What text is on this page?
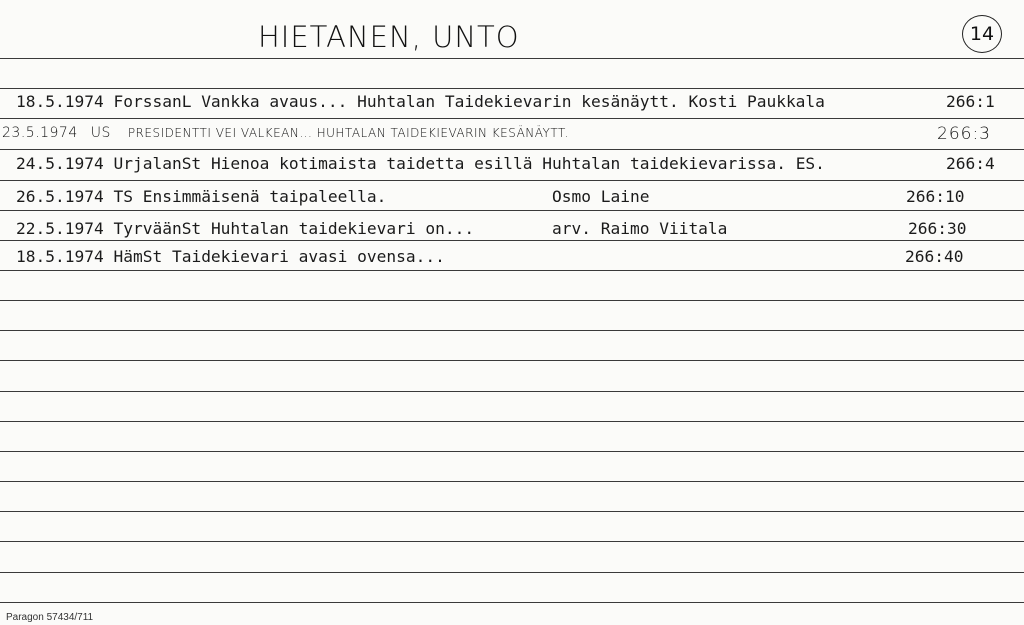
HIETANEN, UNTO	14
18.5.1974 ForssanL Vankka avaus... Huhtalan Taidekievarin kesänäytt. Kosti Paukkala	266:1
23.5.1974 US PRESIDENTTI VEI VALKEAN... HUHTALAN TAIDEKIEVARIN KESÄNÄYTT.	266:3
24.5.1974 UrjalanSt Hienoa kotimaista taidetta esillä Huhtalan taidekievarissa. ES.	266:4
26.5.1974 TS Ensimmäisenä taipaleella.	Osmo Laine	266:10
22.5.1974 TyrväänSt Huhtalan taidekievari on...	arv. Raimo Viitala	266:30
18.5.1974 HämSt Taidekievari avasi ovensa...	266:40
Paragon 57434/711
